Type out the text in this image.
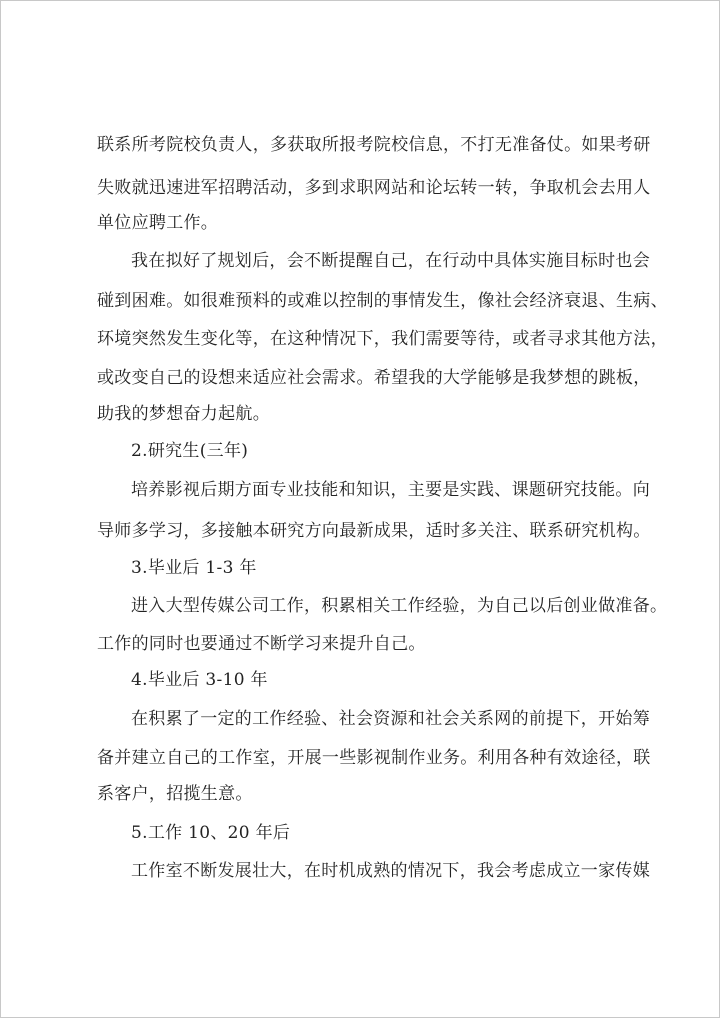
联系所考院校负责人，多获取所报考院校信息，不打无准备仗。如果考研
失败就迅速进军招聘活动，多到求职网站和论坛转一转，争取机会去用人
单位应聘工作。
我在拟好了规划后，会不断提醒自己，在行动中具体实施目标时也会
碰到困难。如很难预料的或难以控制的事情发生，像社会经济衰退、生病、
环境突然发生变化等，在这种情况下，我们需要等待，或者寻求其他方法，
或改变自己的设想来适应社会需求。希望我的大学能够是我梦想的跳板，
助我的梦想奋力起航。
2.研究生(三年)
培养影视后期方面专业技能和知识，主要是实践、课题研究技能。向
导师多学习，多接触本研究方向最新成果，适时多关注、联系研究机构。
3.毕业后 1-3 年
进入大型传媒公司工作，积累相关工作经验，为自己以后创业做准备。
工作的同时也要通过不断学习来提升自己。
4.毕业后 3-10 年
在积累了一定的工作经验、社会资源和社会关系网的前提下，开始筹
备并建立自己的工作室，开展一些影视制作业务。利用各种有效途径，联
系客户，招揽生意。
5.工作 10、20 年后
工作室不断发展壮大，在时机成熟的情况下，我会考虑成立一家传媒
